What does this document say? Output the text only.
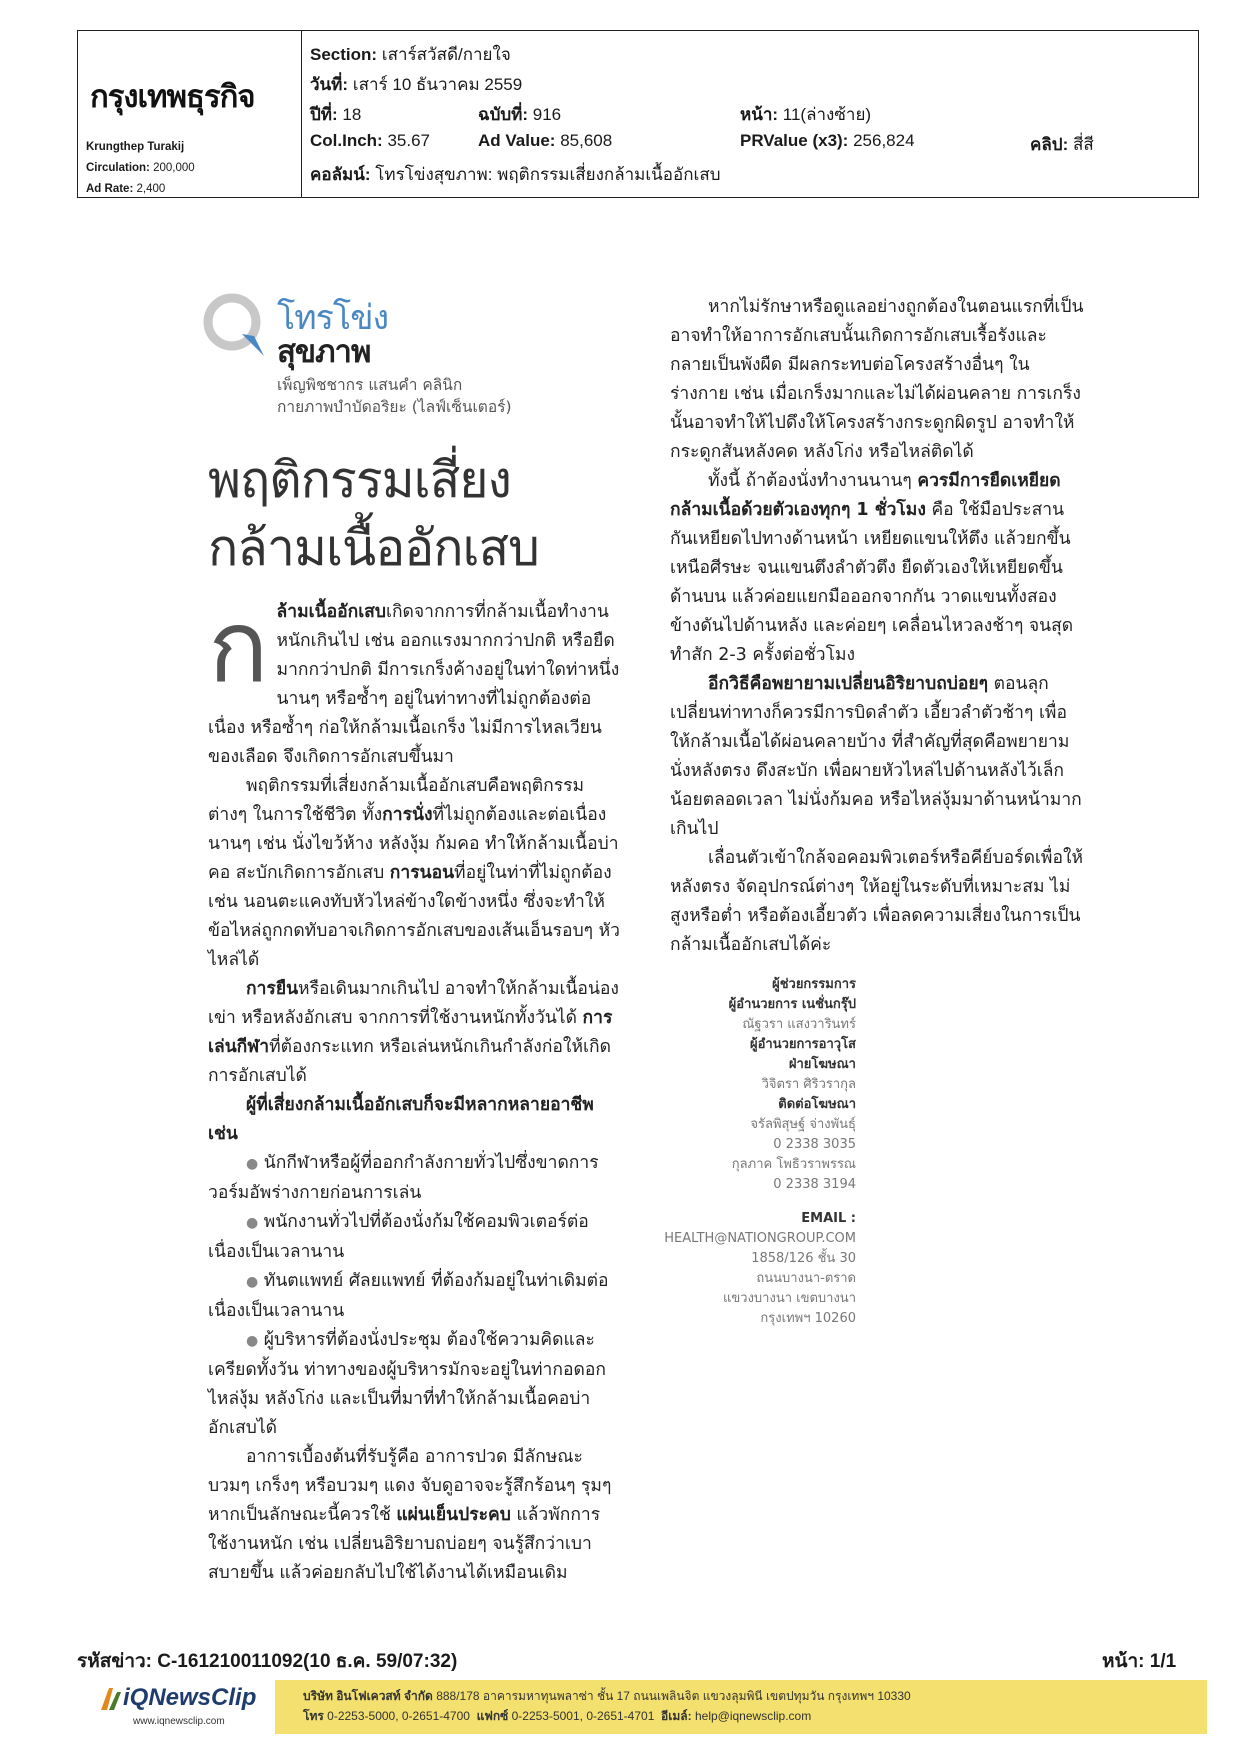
กรุงเทพธุรกิจ
Krungthep Turakij
Circulation: 200,000
Ad Rate: 2,400
Section: เสาร์สวัสดี/กายใจ
วันที่: เสาร์ 10 ธันวาคม 2559
ปีที่: 18	ฉบับที่: 916	หน้า: 11(ล่างซ้าย)
Col.Inch: 35.67	Ad Value: 85,608	PRValue (x3): 256,824	คลิป: สี่สี
คอลัมน์: โทรโข่งสุขภาพ: พฤติกรรมเสี่ยงกล้ามเนื้ออักเสบ
โทรโข่ง
สุขภาพ
เพ็ญพิชชากร แสนคำ คลินิก
กายภาพบำบัดอริยะ (ไลฟ์เซ็นเตอร์)
พฤติกรรมเสี่ยง
กล้ามเนื้ออักเสบ

ก ล้ามเนื้ออักเสบเกิดจากการที่กล้ามเนื้อทำงานหนักเกินไป เช่น ออกแรงมากกว่าปกติ หรือยืดมากกว่าปกติ มีการเกร็งค้างอยู่ในท่าใดท่าหนึ่งนานๆ หรือซ้ำๆ อยู่ในท่าทางที่ไม่ถูกต้องต่อเนื่อง หรือซ้ำๆ ก่อให้กล้ามเนื้อเกร็ง ไม่มีการไหลเวียนของเลือด จึงเกิดการอักเสบขึ้นมา

พฤติกรรมที่เสี่ยงกล้ามเนื้ออักเสบคือพฤติกรรมต่างๆ ในการใช้ชีวิต ทั้งการนั่งที่ไม่ถูกต้องและต่อเนื่องนานๆ เช่น นั่งไขว้ห้าง หลังงุ้ม ก้มคอ ทำให้กล้ามเนื้อบ่า คอ สะบักเกิดการอักเสบ การนอนที่อยู่ในท่าที่ไม่ถูกต้อง เช่น นอนตะแคงทับหัวไหล่ข้างใดข้างหนึ่ง ซึ่งจะทำให้ข้อไหล่ถูกกดทับอาจเกิดการอักเสบของเส้นเอ็นรอบๆ หัวไหล่ได้

การยืนหรือเดินมากเกินไป อาจทำให้กล้ามเนื้อน่อง เข่า หรือหลังอักเสบ จากการที่ใช้งานหนักทั้งวันได้ การเล่นกีฬาที่ต้องกระแทก หรือเล่นหนักเกินกำลังก่อให้เกิดการอักเสบได้

ผู้ที่เสี่ยงกล้ามเนื้ออักเสบก็จะมีหลากหลายอาชีพ เช่น

● นักกีฬาหรือผู้ที่ออกกำลังกายทั่วไปซึ่งขาดการวอร์มอัพร่างกายก่อนการเล่น

● พนักงานทั่วไปที่ต้องนั่งก้มใช้คอมพิวเตอร์ต่อเนื่องเป็นเวลานาน

● ทันตแพทย์ ศัลยแพทย์ ที่ต้องก้มอยู่ในท่าเดิมต่อเนื่องเป็นเวลานาน

● ผู้บริหารที่ต้องนั่งประชุม ต้องใช้ความคิดและเครียดทั้งวัน ท่าทางของผู้บริหารมักจะอยู่ในท่ากอดอกไหล่งุ้ม หลังโก่ง และเป็นที่มาที่ทำให้กล้ามเนื้อคอบ่า อักเสบได้

อาการเบื้องต้นที่รับรู้คือ อาการปวด มีลักษณะบวมๆ เกร็งๆ หรือบวมๆ แดง จับดูอาจจะรู้สึกร้อนๆ รุมๆ หากเป็นลักษณะนี้ควรใช้ แผ่นเย็นประคบ แล้วพักการใช้งานหนัก เช่น เปลี่ยนอิริยาบถบ่อยๆ จนรู้สึกว่าเบาสบายขึ้น แล้วค่อยกลับไปใช้ได้งานได้เหมือนเดิม

หากไม่รักษาหรือดูแลอย่างถูกต้องในตอนแรกที่เป็น อาจทำให้อาการอักเสบนั้นเกิดการอักเสบเรื้อรังและกลายเป็นพังผืด มีผลกระทบต่อโครงสร้างอื่นๆ ในร่างกาย เช่น เมื่อเกร็งมากและไม่ได้ผ่อนคลาย การเกร็งนั้นอาจทำให้ไปดึงให้โครงสร้างกระดูกผิดรูป อาจทำให้กระดูกสันหลังคด หลังโก่ง หรือไหล่ติดได้

ทั้งนี้ ถ้าต้องนั่งทำงานนานๆ ควรมีการยืดเหยียดกล้ามเนื้อด้วยตัวเองทุกๆ 1 ชั่วโมง คือ ใช้มือประสานกันเหยียดไปทางด้านหน้า เหยียดแขนให้ตึง แล้วยกขึ้นเหนือศีรษะ จนแขนตึงลำตัวตึง ยืดตัวเองให้เหยียดขึ้นด้านบน แล้วค่อยแยกมือออกจากกัน วาดแขนทั้งสองข้างดันไปด้านหลัง และค่อยๆ เคลื่อนไหวลงช้าๆ จนสุด ทำสัก 2-3 ครั้งต่อชั่วโมง

อีกวิธีคือพยายามเปลี่ยนอิริยาบถบ่อยๆ ตอนลุกเปลี่ยนท่าทางก็ควรมีการบิดลำตัว เอี้ยวลำตัวช้าๆ เพื่อให้กล้ามเนื้อได้ผ่อนคลายบ้าง ที่สำคัญที่สุดคือพยายามนั่งหลังตรง ดึงสะบัก เพื่อผายหัวไหล่ไปด้านหลังไว้เล็กน้อยตลอดเวลา ไม่นั่งก้มคอ หรือไหล่งุ้มมาด้านหน้ามากเกินไป

เลื่อนตัวเข้าใกล้จอคอมพิวเตอร์หรือคีย์บอร์ดเพื่อให้หลังตรง จัดอุปกรณ์ต่างๆ ให้อยู่ในระดับที่เหมาะสม ไม่สูงหรือต่ำ หรือต้องเอี้ยวตัว เพื่อลดความเสี่ยงในการเป็นกล้ามเนื้ออักเสบได้ค่ะ

ผู้ช่วยกรรมการ
ผู้อำนวยการ เนชั่นกรุ๊ป
ณัฐวรา แสงวารินทร์
ผู้อำนวยการอาวุโส
ฝ่ายโฆษณา
วิจิตรา ศิริวรากุล
ติดต่อโฆษณา
จรัลพิสุษฐ์ จ่างพันธุ์
0 2338 3035
กุลภาค โพธิวราพรรณ
0 2338 3194
EMAIL :
HEALTH@NATIONGROUP.COM
1858/126 ชั้น 30
ถนนบางนา-ตราด
แขวงบางนา เขตบางนา
กรุงเทพฯ 10260
รหัสข่าว: C-161210011092(10 ธ.ค. 59/07:32)	หน้า: 1/1
iQNewsClip
www.iqnewsclip.com
บริษัท อินโฟเควสท์ จำกัด 888/178 อาคารมหาทุนพลาซ่า ชั้น 17 ถนนเพลินจิต แขวงลุมพินี เขตปทุมวัน กรุงเทพฯ 10330
โทร 0-2253-5000, 0-2651-4700 แฟกซ์ 0-2253-5001, 0-2651-4701 อีเมล์: help@iqnewsclip.com
